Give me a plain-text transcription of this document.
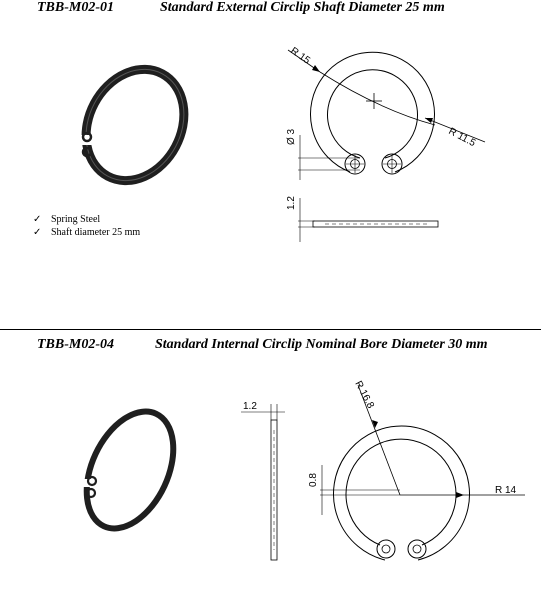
TBB-M02-01	Standard External Circlip Shaft Diameter 25 mm
✓ Spring Steel
✓ Shaft diameter 25 mm
R 15
R 11.5
Ø 3
1.2
TBB-M02-04	Standard Internal Circlip Nominal Bore Diameter 30 mm
1.2	R 16.8
R 14
0.8
